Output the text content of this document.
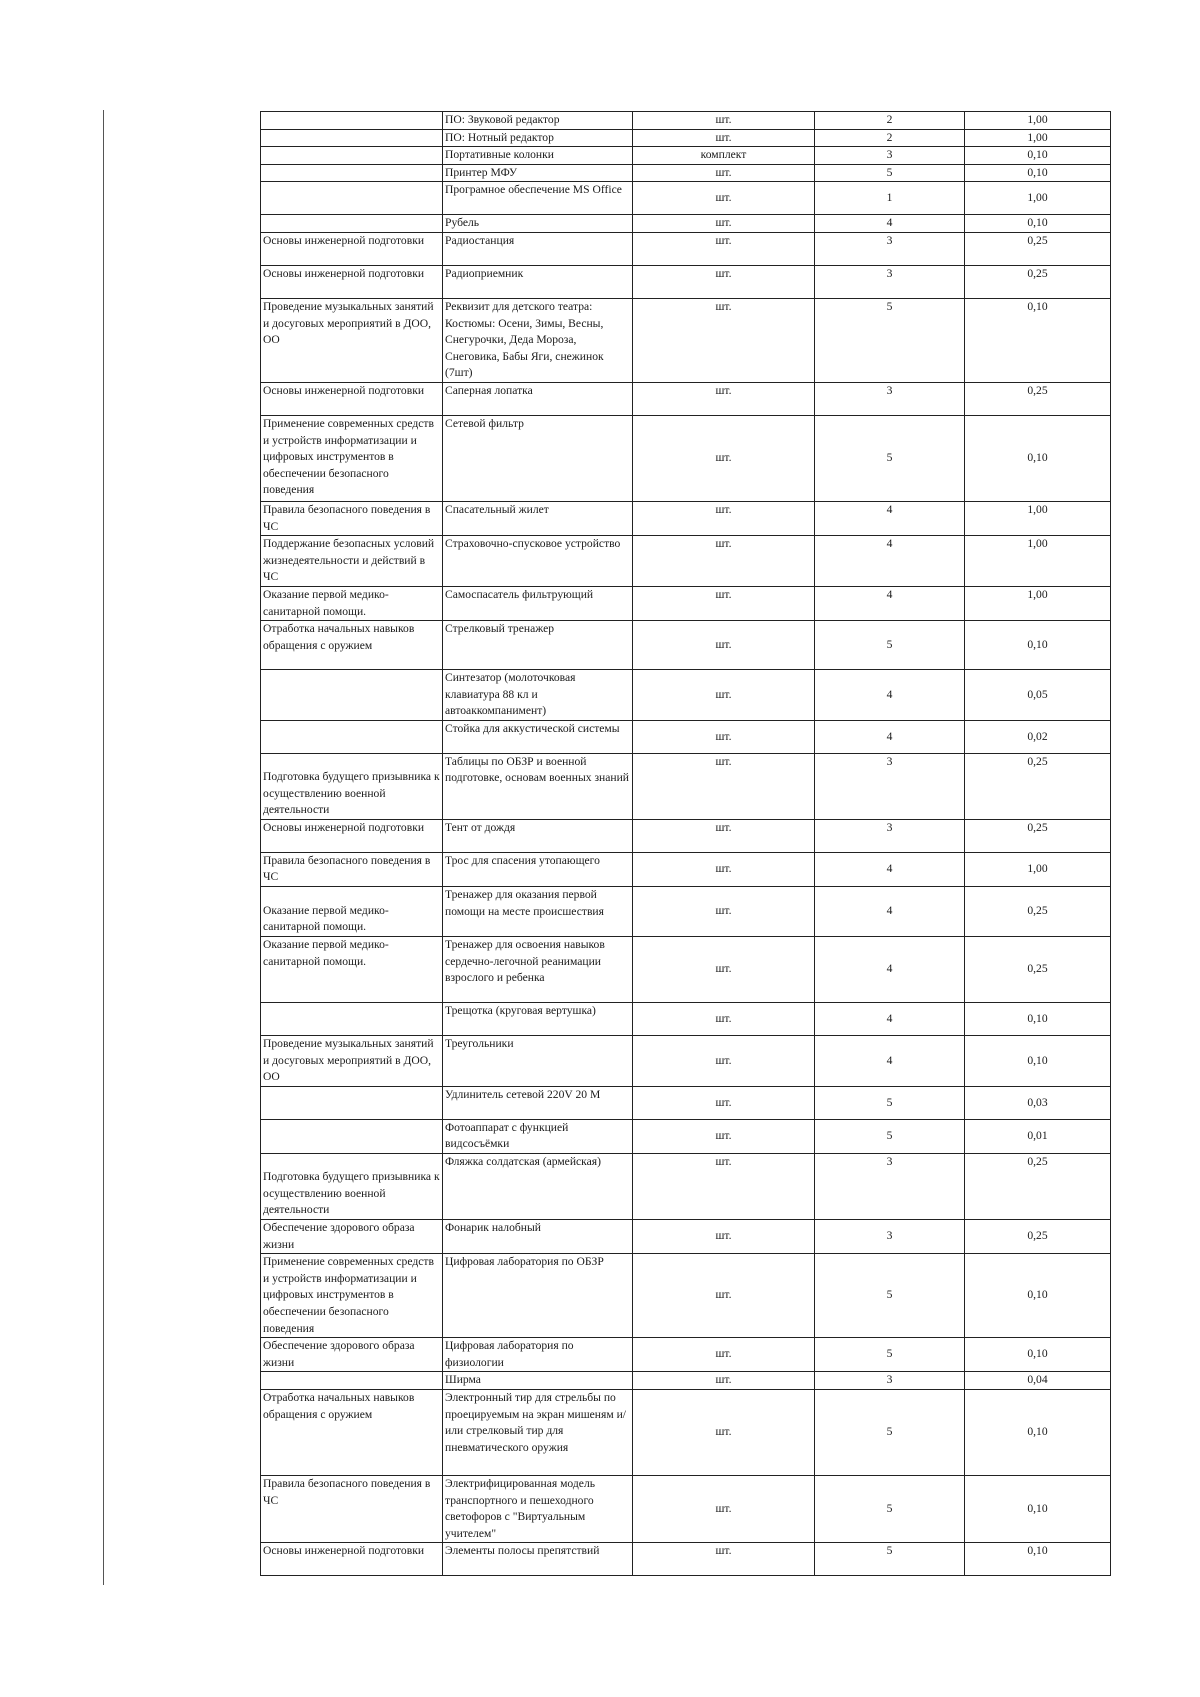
	ПО: Звуковой редактор	шт.	2	1,00
	ПО: Нотный редактор	шт.	2	1,00
	Портативные колонки	комплект	3	0,10
	Принтер МФУ	шт.	5	0,10
	Програмное обеспечение MS Office	шт.	1	1,00
	Рубель	шт.	4	0,10
Основы инженерной подготовки	Радиостанция	шт.	3	0,25
Основы инженерной подготовки	Радиоприемник	шт.	3	0,25
Проведение музыкальных занятий и досуговых мероприятий в ДОО, ОО	Реквизит для детского театра: Костюмы: Осени, Зимы, Весны, Снегурочки, Деда Мороза, Снеговика, Бабы Яги, снежинок (7шт)	шт.	5	0,10
Основы инженерной подготовки	Саперная лопатка	шт.	3	0,25
Применение современных средств и устройств информатизации и цифровых инструментов в обеспечении безопасного поведения	Сетевой фильтр	шт.	5	0,10
Правила безопасного поведения в ЧС	Спасательный жилет	шт.	4	1,00
Поддержание безопасных условий жизнедеятельности и действий в ЧС	Страховочно-спусковое устройство	шт.	4	1,00
Оказание первой медико-санитарной помощи.	Самоспасатель фильтрующий	шт.	4	1,00
Отработка начальных навыков обращения с оружием	Стрелковый тренажер	шт.	5	0,10
	Синтезатор (молоточковая клавиатура 88 кл и автоаккомпанимент)	шт.	4	0,05
	Стойка для аккустической системы	шт.	4	0,02
Подготовка будущего призывника к осуществлению военной деятельности	Таблицы по ОБЗР и военной подготовке, основам военных знаний	шт.	3	0,25
Основы инженерной подготовки	Тент от дождя	шт.	3	0,25
Правила безопасного поведения в ЧС	Трос для спасения утопающего	шт.	4	1,00
Оказание первой медико-санитарной помощи.	Тренажер для оказания первой помощи на месте происшествия	шт.	4	0,25
Оказание первой медико-санитарной помощи.	Тренажер для освоения навыков сердечно-легочной реанимации взрослого и ребенка	шт.	4	0,25
	Трещотка (круговая вертушка)	шт.	4	0,10
Проведение музыкальных занятий и досуговых мероприятий в ДОО, ОО	Треугольники	шт.	4	0,10
	Удлинитель сетевой 220V 20 М	шт.	5	0,03
	Фотоаппарат с функцией видсосъёмки	шт.	5	0,01
Подготовка будущего призывника к осуществлению военной деятельности	Фляжка солдатская (армейская)	шт.	3	0,25
Обеспечение здорового образа жизни	Фонарик налобный	шт.	3	0,25
Применение современных средств и устройств информатизации и цифровых инструментов в обеспечении безопасного поведения	Цифровая лаборатория по ОБЗР	шт.	5	0,10
Обеспечение здорового образа жизни	Цифровая лаборатория по физиологии	шт.	5	0,10
	Ширма	шт.	3	0,04
Отработка начальных навыков обращения с оружием	Электронный тир для стрельбы по проецируемым на экран мишеням и/или стрелковый тир для пневматического оружия	шт.	5	0,10
Правила безопасного поведения в ЧС	Электрифицированная модель транспортного и пешеходного светофоров с "Виртуальным учителем"	шт.	5	0,10
Основы инженерной подготовки	Элементы полосы препятствий	шт.	5	0,10
